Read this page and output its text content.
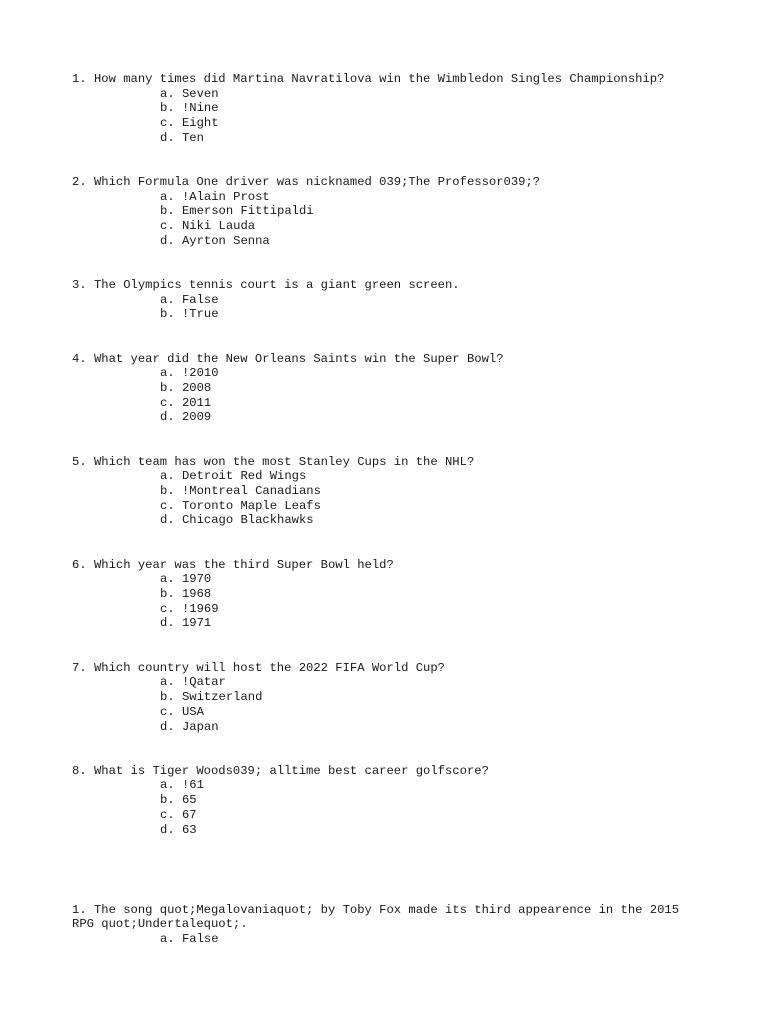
1. How many times did Martina Navratilova win the Wimbledon Singles Championship?
a. Seven
b. !Nine
c. Eight
d. Ten
2. Which Formula One driver was nicknamed 039;The Professor039;?
a. !Alain Prost
b. Emerson Fittipaldi
c. Niki Lauda
d. Ayrton Senna
3. The Olympics tennis court is a giant green screen.
a. False
b. !True
4. What year did the New Orleans Saints win the Super Bowl?
a. !2010
b. 2008
c. 2011
d. 2009
5. Which team has won the most Stanley Cups in the NHL?
a. Detroit Red Wings
b. !Montreal Canadians
c. Toronto Maple Leafs
d. Chicago Blackhawks
6. Which year was the third Super Bowl held?
a. 1970
b. 1968
c. !1969
d. 1971
7. Which country will host the 2022 FIFA World Cup?
a. !Qatar
b. Switzerland
c. USA
d. Japan
8. What is Tiger Woods039; alltime best career golfscore?
a. !61
b. 65
c. 67
d. 63
1. The song quot;Megalovaniaquot; by Toby Fox made its third appearence in the 2015 RPG quot;Undertalequot;.
a. False
